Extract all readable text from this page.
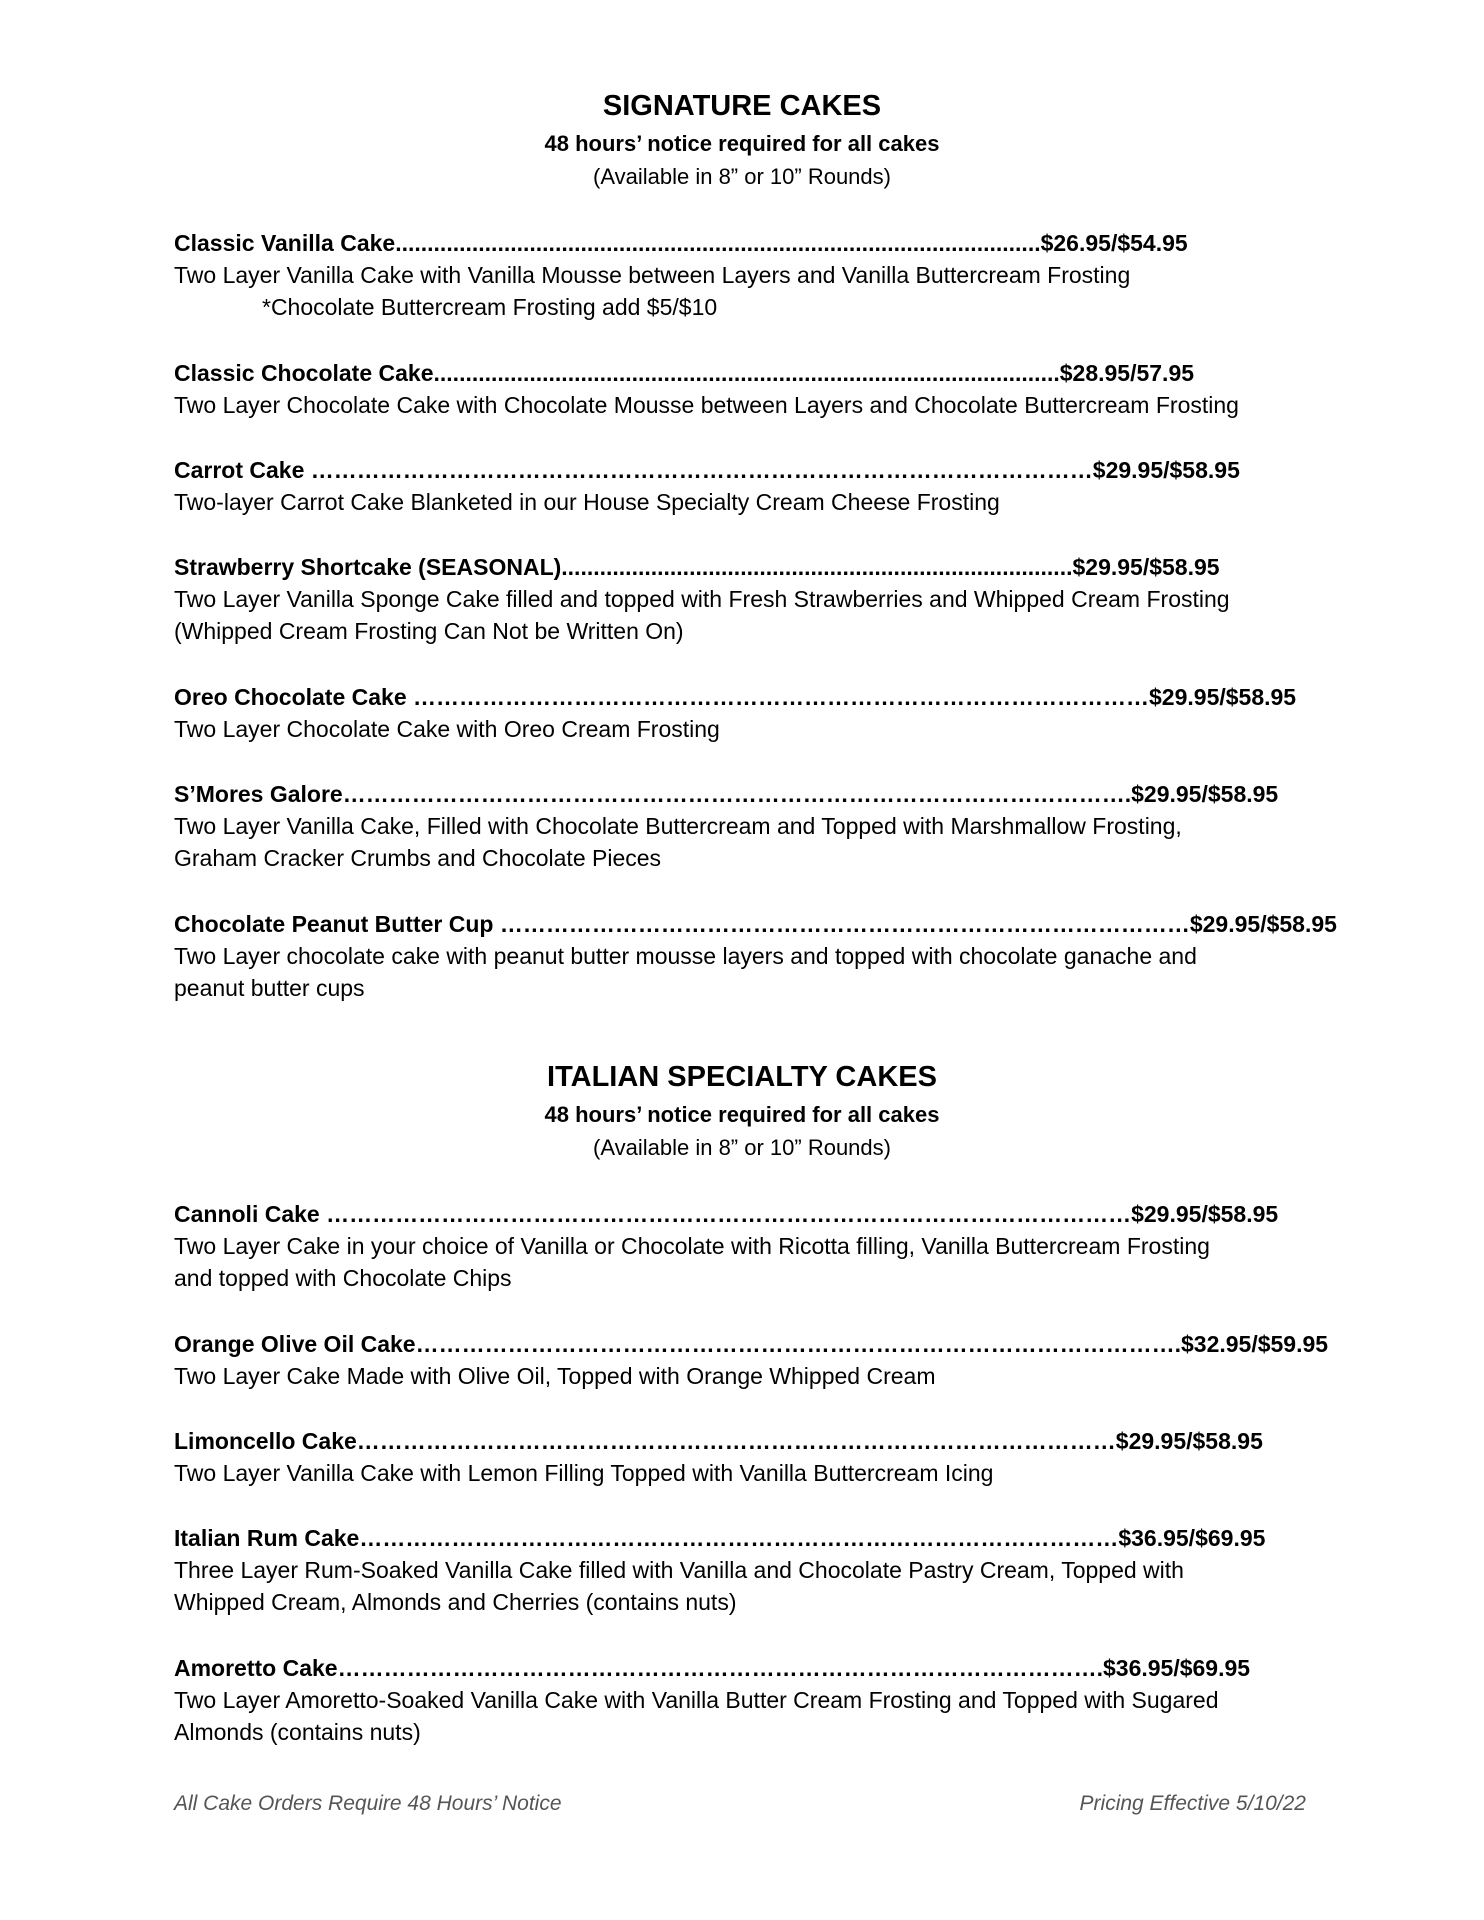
SIGNATURE CAKES
48 hours’ notice required for all cakes
(Available in 8” or 10” Rounds)
Classic Vanilla Cake.....................................................................................................$26.95/$54.95
Two Layer Vanilla Cake with Vanilla Mousse between Layers and Vanilla Buttercream Frosting
*Chocolate Buttercream Frosting add $5/$10
Classic Chocolate Cake..................................................................................................$28.95/57.95
Two Layer Chocolate Cake with Chocolate Mousse between Layers and Chocolate Buttercream Frosting
Carrot Cake …………………………………………………………………………………………$29.95/$58.95
Two-layer Carrot Cake Blanketed in our House Specialty Cream Cheese Frosting
Strawberry Shortcake (SEASONAL)................................................................................$29.95/$58.95
Two Layer Vanilla Sponge Cake filled and topped with Fresh Strawberries and Whipped Cream Frosting
(Whipped Cream Frosting Can Not be Written On)
Oreo Chocolate Cake ……………………………………………………………………………………$29.95/$58.95
Two Layer Chocolate Cake with Oreo Cream Frosting
S’Mores Galore………………………………………………………………………………………….$29.95/$58.95
Two Layer Vanilla Cake, Filled with Chocolate Buttercream and Topped with Marshmallow Frosting,
Graham Cracker Crumbs and Chocolate Pieces
Chocolate Peanut Butter Cup ………………………………………………………………………………$29.95/$58.95
Two Layer chocolate cake with peanut butter mousse layers and topped with chocolate ganache and
peanut butter cups
ITALIAN SPECIALTY CAKES
48 hours’ notice required for all cakes
(Available in 8” or 10” Rounds)
Cannoli Cake ……………………………………………………………………………………………$29.95/$58.95
Two Layer Cake in your choice of Vanilla or Chocolate with Ricotta filling, Vanilla Buttercream Frosting
and topped with Chocolate Chips
Orange Olive Oil Cake……………………………………………………………………………………….$32.95/$59.95
Two Layer Cake Made with Olive Oil, Topped with Orange Whipped Cream
Limoncello Cake………………………………………………………………………………………$29.95/$58.95
Two Layer Vanilla Cake with Lemon Filling Topped with Vanilla Buttercream Icing
Italian Rum Cake………………………………………………………………………………………$36.95/$69.95
Three Layer Rum-Soaked Vanilla Cake filled with Vanilla and Chocolate Pastry Cream, Topped with
Whipped Cream, Almonds and Cherries (contains nuts)
Amoretto Cake……………………………………………………………………………………….$36.95/$69.95
Two Layer Amoretto-Soaked Vanilla Cake with Vanilla Butter Cream Frosting and Topped with Sugared
Almonds (contains nuts)
All Cake Orders Require 48 Hours’ Notice	Pricing Effective 5/10/22
